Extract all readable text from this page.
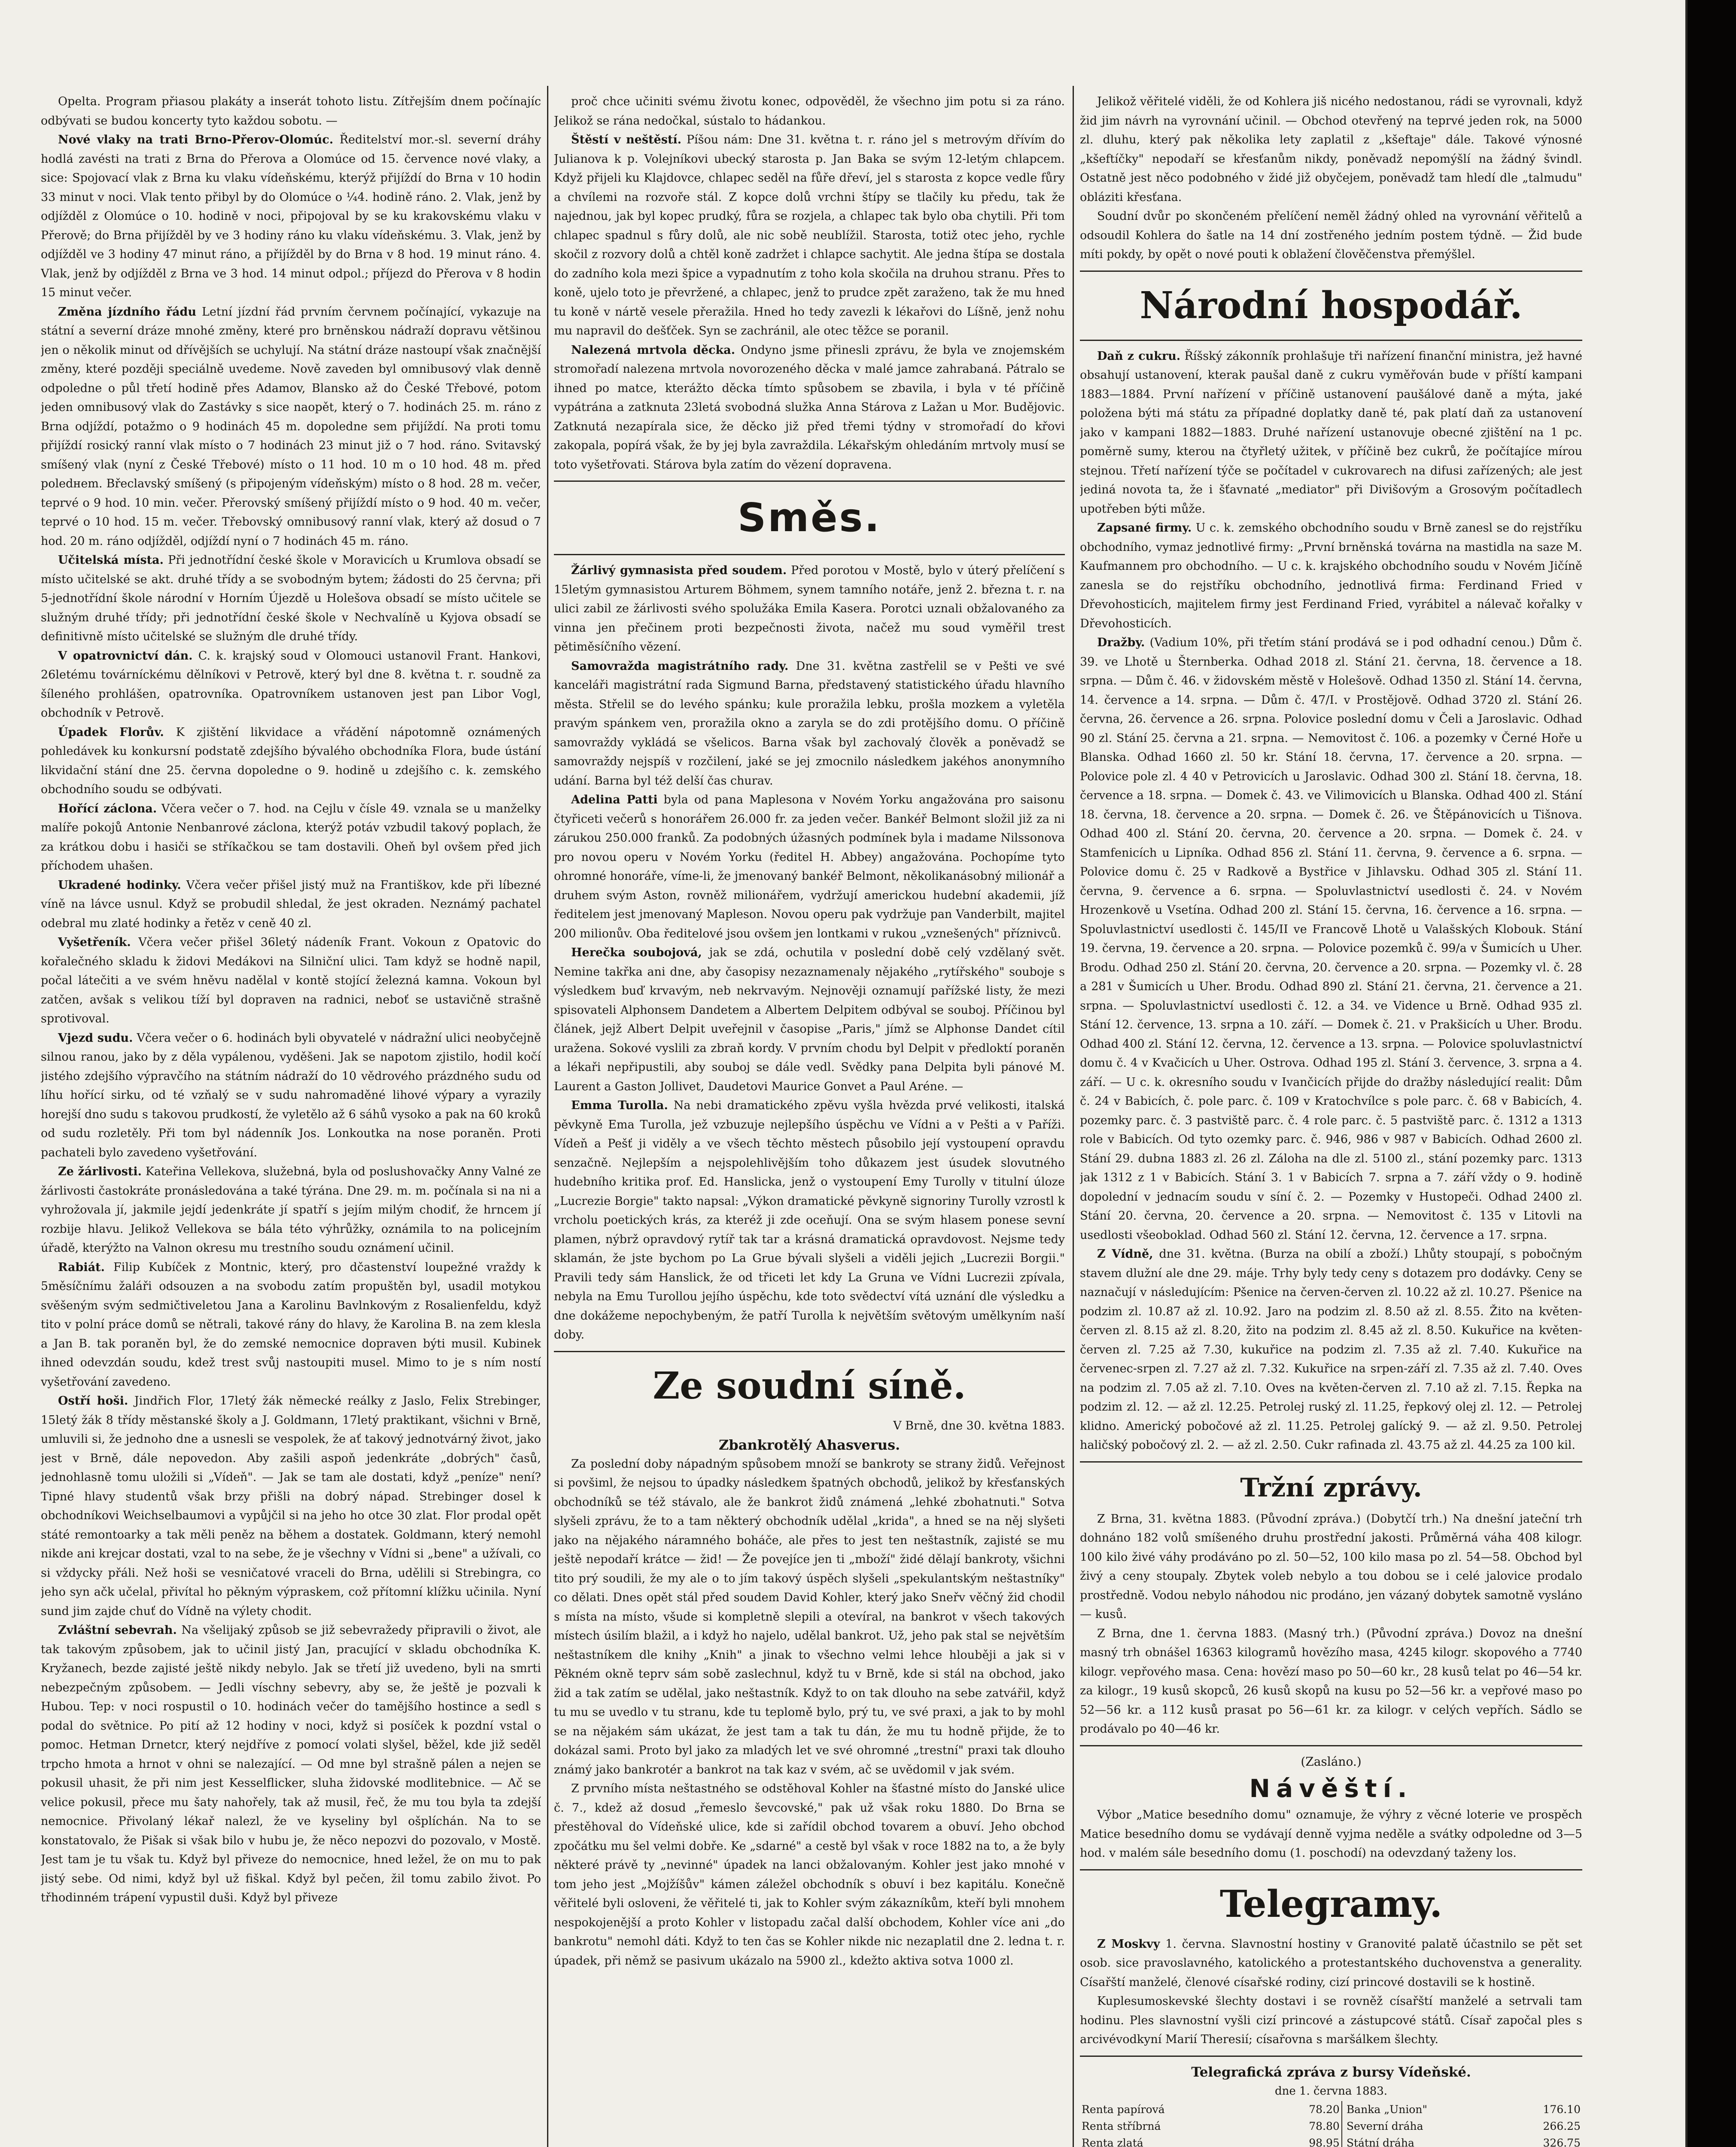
Opelta. Program přiasou plakáty a inserát tohoto listu. Zítřejším dnem počínajíc odbývati se budou koncerty tyto každou sobotu. —

Nové vlaky na trati Brno-Přerov-Olomúc. Ředitelství mor.-sl. severní dráhy hodlá zavésti na trati z Brna do Přerova a Olomúce od 15. července nové vlaky, a sice: Spojovací vlak z Brna ku vlaku vídeňskému, kterýž přijíždí do Brna v 10 hodin 33 minut v noci. Vlak tento přibyl by do Olomúce o ¼4. hodině ráno. 2. Vlak, jenž by odjížděl z Olomúce o 10. hodině v noci, připojoval by se ku krakovskému vlaku v Přerově; do Brna přijížděl by ve 3 hodiny ráno ku vlaku vídeňskému. 3. Vlak, jenž by odjížděl ve 3 hodiny 47 minut ráno, a přijížděl by do Brna v 8 hod. 19 minut ráno. 4. Vlak, jenž by odjížděl z Brna ve 3 hod. 14 minut odpol.; příjezd do Přerova v 8 hodin 15 minut večer.

Změna jízdního řádu Letní jízdní řád prvním červnem počínající, vykazuje na státní a severní dráze mnohé změny, které pro brněnskou nádraží dopravu většinou jen o několik minut od dřívějších se uchylují. Na státní dráze nastoupí však značnější změny, které později speciálně uvedeme. Nově zaveden byl omnibusový vlak denně odpoledne o půl třetí hodině přes Adamov, Blansko až do České Třebové, potom jeden omnibusový vlak do Zastávky s sice naopět, který o 7. hodinách 25. m. ráno z Brna odjíždí, potažmo o 9 hodinách 45 m. dopoledne sem přijíždí. Na proti tomu přijíždí rosický ranní vlak místo o 7 hodinách 23 minut již o 7 hod. ráno. Svitavský smíšený vlak (nyní z České Třebové) místo o 11 hod. 10 m o 10 hod. 48 m. před poledнem. Břeclavský smíšený (s připojeným vídeňským) místo o 8 hod. 28 m. večer, teprvé o 9 hod. 10 min. večer. Přerovský smíšený přijíždí místo o 9 hod. 40 m. večer, teprvé o 10 hod. 15 m. večer. Třebovský omnibusový ranní vlak, který až dosud o 7 hod. 20 m. ráno odjížděl, odjíždí nyní o 7 hodinách 45 m. ráno.

Učitelská místa. Při jednotřídní české škole v Moravicích u Krumlova obsadí se místo učitelské se akt. druhé třídy a se svobodným bytem; žádosti do 25 června; při 5-jednotřídní škole národní v Horním Újezdě u Holešova obsadí se místo učitele se služným druhé třídy; při jednotřídní české škole v Nechvalíně u Kyjova obsadí se definitivně místo učitelské se služným dle druhé třídy.

V opatrovnictví dán. C. k. krajský soud v Olomouci ustanovil Frant. Hankovi, 26letému továrníckému dělníkovi v Petrově, který byl dne 8. května t. r. soudně za šíleného prohlášen, opatrovníka. Opatrovníkem ustanoven jest pan Libor Vogl, obchodník v Petrově.

Úpadek Florův. K zjištění likvidace a vřádění nápotomně oznámených pohledávek ku konkursní podstatě zdejšího bývalého obchodníka Flora, bude ústání likvidační stání dne 25. června dopoledne o 9. hodině u zdejšího c. k. zemského obchodního soudu se odbývati.

Hořící záclona. Včera večer o 7. hod. na Cejlu v čísle 49. vznala se u manželky malíře pokojů Antonie Nenbanrové záclona, kterýž potáv vzbudil takový poplach, že za krátkou dobu i hasiči se stříkačkou se tam dostavili. Oheň byl ovšem před jich příchodem uhašen.

Ukradené hodinky. Včera večer přišel jistý muž na Františkov, kde při líbezné víně na lávce usnul. Když se probudil shledal, že jest okraden. Neznámý pachatel odebral mu zlaté hodinky a řetěz v ceně 40 zl.

Vyšetřeník. Včera večer přišel 36letý nádeník Frant. Vokoun z Opatovic do kořalečného skladu k židovi Medákovi na Silniční ulici. Tam když se hodně napil, počal látečiti a ve svém hněvu nadělal v kontě stojící železná kamna. Vokoun byl zatčen, avšak s velikou tíží byl dopraven na radnici, neboť se ustavičně strašně sprotivoval.

Vjezd sudu. Včera večer o 6. hodinách byli obyvatelé v nádražní ulici neobyčejně silnou ranou, jako by z děla vypálenou, vyděšeni. Jak se napotom zjistilo, hodil kočí jistého zdejšího výpravčího na státním nádraží do 10 vědrového prázdného sudu od líhu hořící sirku, od té vzňalý se v sudu nahromaděné lihové výpary a vyrazily horejší dno sudu s takovou prudkostí, že vyletělo až 6 sáhů vysoko a pak na 60 kroků od sudu rozletěly. Při tom byl nádenník Jos. Lonkoutka na nose poraněn. Proti pachateli bylo zavedeno vyšetřování.

Ze žárlivosti. Kateřina Vellekova, služebná, byla od poslushovačky Anny Valné ze žárlivosti častokráte pronásledována a také týrána. Dne 29. m. m. počínala si na ni a vyhrožovala jí, jakmile jejdí jedenkráte jí spatří s jejím milým chodiť, že hrncem jí rozbije hlavu. Jelikož Vellekova se bála této výhrůžky, oznámila to na policejním úřadě, kterýžto na Valnon okresu mu trestního soudu oznámení učinil.

Rabiát. Filip Kubíček z Montnic, který, pro dčastenství loupežné vraždy k 5měsíčnímu žaláři odsouzen a na svobodu zatím propuštěn byl, usadil motykou svěšeným svým sedmičtiveletou Jana a Karolinu Bavlnkovým z Rosalienfeldu, když tito v polní práce domů se nětrali, takové rány do hlavy, že Karolina B. na zem klesla a Jan B. tak poraněn byl, že do zemské nemocnice dopraven býti musil. Kubinek ihned odevzdán soudu, kdež trest svůj nastoupiti musel. Mimo to je s ním ností vyšetřování zavedeno.

Ostří hoši. Jindřich Flor, 17letý žák německé reálky z Jaslo, Felix Strebinger, 15letý žák 8 třídy městanské školy a J. Goldmann, 17letý praktikant, všichni v Brně, umluvili si, že jednoho dne a usnesli se vespolek, že ať takový jednotvárný život, jako jest v Brně, dále nepovedon. Aby zašili aspoň jedenkráte „dobrých" časů, jednohlasně tomu uložili si „Vídeň". — Jak se tam ale dostati, když „peníze" není? Tipné hlavy studentů však brzy přišli na dobrý nápad. Strebinger dosel k obchodníkovi Weichselbaumovi a vypůjčil si na jeho ho otce 30 zlat. Flor prodal opět státé remontoarky a tak měli peněz na během a dostatek. Goldmann, který nemohl nikde ani krejcar dostati, vzal to na sebe, že je všechny v Vídni si „bene" a užívali, co si vždycky přáli. Než hoši se vesničatové vraceli do Brna, udělili si Strebingra, co jeho syn ačk učelal, přivítal ho pěkným výpraskem, což přítomní klížku učinila. Nyní sund jim zajde chuť do Vídně na výlety chodit.

Zvláštní sebevrah. Na všelijaký způsob se již sebevražedy připravili o život, ale tak takovým způsobem, jak to učinil jistý Jan, pracující v skladu obchodníka K. Kryžanech, bezde zajisté ještě nikdy nebylo. Jak se třetí již uvedeno, byli na smrti nebezpečným způsobem. — Jedli víschny sebevry, aby se, že ještě je pozvali k Hubou. Tep: v noci rospustil o 10. hodinách večer do tamějšího hostince a sedl s podal do světnice. Po pití až 12 hodiny v noci, když si posíček k pozdní vstal o pomoc. Hetman Drnetcr, který nejdříve z pomocí volati slyšel, běžel, kde již seděl trpcho hmota a hrnot v ohni se nalezající. — Od mne byl strašně pálen a nejen se pokusil uhasit, že při nim jest Kesselflicker, sluha židovské modlitebnice. — Ač se velice pokusil, přece mu šaty nahořely, tak až musil, řeč, že mu tou byla ta zdejší nemocnice. Přivolaný lékař nalezl, že ve kyseliny byl ošplíchán. Na to se konstatovalo, že Pišak si však bilo v hubu je, že něco nepozvi do pozovalo, v Mostě. Jest tam je tu však tu. Když byl přiveze do nemocnice, hned ležel, že on mu to pak jistý sebe. Od nimi, když byl už fiškal. Když byl pečen, žil tomu zabilo život. Po třhodinném trápení vypustil duši. Když byl přiveze

proč chce učiniti svému životu konec, odpověděl, že všechno jim potu si za ráno. Jelikož se rána nedočkal, sústalo to hádankou.

Štěstí v neštěstí. Píšou nám: Dne 31. května t. r. ráno jel s metrovým dřívím do Julianova k p. Volejníkovi ubecký starosta p. Jan Baka se svým 12-letým chlapcem. Když přijeli ku Klajdovce, chlapec seděl na fůře dřeví, jel s starosta z kopce vedle fůry a chvílemi na rozvoře stál. Z kopce dolů vrchni štípy se tlačily ku předu, tak že najednou, jak byl kopec prudký, fůra se rozjela, a chlapec tak bylo oba chytili. Při tom chlapec spadnul s fůry dolů, ale nic sobě neublížil. Starosta, totiž otec jeho, rychle skočil z rozvory dolů a chtěl koně zadržet i chlapce sachytit. Ale jedna štípa se dostala do zadního kola mezi špice a vypadnutím z toho kola skočila na druhou stranu. Přes to koně, ujelo toto je převržené, a chlapec, jenž to prudce zpět zaraženo, tak že mu hned tu koně v nártě vesele přeražila. Hned ho tedy zavezli k lékařovi do Líšně, jenž nohu mu napravil do dešťček. Syn se zachránil, ale otec těžce se poranil.

Nalezená mrtvola děcka. Ondyno jsme přinesli zprávu, že byla ve znojemském stromořadí nalezena mrtvola novorozeného děcka v malé jamce zahrabaná. Pátralo se ihned po matce, kterážto děcka tímto spůsobem se zbavila, i byla v té příčině vypátrána a zatknuta 23letá svobodná služka Anna Stárova z Lažan u Mor. Budějovic. Zatknutá nezapírala sice, že děcko již před třemi týdny v stromořadí do křovi zakopala, popírá však, že by jej byla zavraždila. Lékařským ohledáním mrtvoly musí se toto vyšetřovati. Stárova byla zatím do vězení dopravena.

Směs.

Žárlivý gymnasista před soudem. Před porotou v Mostě, bylo v úterý přelíčení s 15letým gymnasistou Arturem Böhmem, synem tamního notáře, jenž 2. března t. r. na ulici zabil ze žárlivosti svého spolužáka Emila Kasera. Porotci uznali obžalovaného za vinna jen přečinem proti bezpečnosti života, načež mu soud vyměřil trest pětiměsíčního vězení.

Samovražda magistrátního rady. Dne 31. května zastřelil se v Pešti ve své kanceláři magistrátní rada Sigmund Barna, představený statistického úřadu hlavního města. Střelil se do levého spánku; kule proražila lebku, prošla mozkem a vyletěla pravým spánkem ven, proražila okno a zaryla se do zdi protějšího domu. O příčině samovraždy vykládá se všelicos. Barna však byl zachovalý člověk a poněvadž se samovraždy nejspíš v rozčilení, jaké se jej zmocnilo následkem jakéhos anonymního udání. Barna byl též delší čas churav.

Adelina Patti byla od pana Maplesona v Novém Yorku angažována pro saisonu čtyřiceti večerů s honorářem 26.000 fr. za jeden večer. Bankéř Belmont složil již za ni zárukou 250.000 franků. Za podobných úžasných podmínek byla i madame Nilssonova pro novou operu v Novém Yorku (ředitel H. Abbey) angažována. Pochopíme tyto ohromné honoráře, víme-li, že jmenovaný bankéř Belmont, několikanásobný milionář a druhem svým Aston, rovněž milionářem, vydržují americkou hudební akademii, jíž ředitelem jest jmenovaný Mapleson. Novou operu pak vydržuje pan Vanderbilt, majitel 200 milionův. Oba ředitelové jsou ovšem jen lontkami v rukou „vznešených" příznivců.

Herečka soubojová, jak se zdá, ochutila v poslední době celý vzdělaný svět. Nemine takřka ani dne, aby časopisy nezaznamenaly nějakého „rytířského" souboje s výsledkem buď krvavým, neb nekrvavým. Nejnověji oznamují pařížské listy, že mezi spisovateli Alphonsem Dandetem a Albertem Delpitem odbýval se souboj. Příčinou byl článek, jejž Albert Delpit uveřejnil v časopise „Paris," jímž se Alphonse Dandet cítil uražena. Sokové vyslili za zbraň kordy. V prvním chodu byl Delpit v předloktí poraněn a lékaři nepřipustili, aby souboj se dále vedl. Svědky pana Delpita byli pánové M. Laurent a Gaston Jollivet, Daudetovi Maurice Gonvet a Paul Aréne. —

Emma Turolla. Na nebi dramatického zpěvu vyšla hvězda prvé velikosti, italská pěvkyně Ema Turolla, jež vzbuzuje nejlepšího úspěchu ve Vídni a v Pešti a v Paříži. Vídeň a Pešť ji viděly a ve všech těchto městech působilo její vystoupení opravdu senzačně. Nejlepším a nejspolehlivějším toho důkazem jest úsudek slovutného hudebního kritika prof. Ed. Hanslicka, jenž o vystoupení Emy Turolly v titulní úloze „Lucrezie Borgie" takto napsal: „Výkon dramatické pěvkyně signoriny Turolly vzrostl k vrcholu poetických krás, za kteréž ji zde oceňují. Ona se svým hlasem ponese sevní plamen, nýbrž opravdový rytíř tak tar a krásná dramatická opravdovost. Nejsme tedy sklamán, že jste bychom po La Grue bývali slyšeli a viděli jejich „Lucrezii Borgii." Pravili tedy sám Hanslick, že od třiceti let kdy La Gruna ve Vídni Lucrezii zpívala, nebyla na Emu Turollou jejího úspěchu, kde toto svědectví vítá uznání dle výsledku a dne dokážeme nepochybeným, že patří Turolla k největším světovým umělkyním naší doby.

Ze soudní síně.
V Brně, dne 30. května 1883.
Zbankrotělý Ahasverus.

Za poslední doby nápadným spůsobem množí se bankroty se strany židů. Veřejnost si povšiml, že nejsou to úpadky následkem špatných obchodů, jelikož by křesťanských obchodníků se též stávalo, ale že bankrot židů známená „lehké zbohatnuti." Sotva slyšeli zprávu, že to a tam některý obchodník udělal „krida", a hned se na něj slyšeti jako na nějakého náramného boháče, ale přes to jest ten neštastník, zajisté se mu ještě nepodaří krátce — žid! — Že povejíce jen ti „mboží" židé dělají bankroty, všichni tito prý soudili, že my ale o to jím takový úspěch slyšeli „spekulantským neštastníky" co dělati. Dnes opět stál před soudem David Kohler, který jako Sneřv věčný žid chodil s místa na místo, všude si kompletně slepili a otevíral, na bankrot v všech takových místech úsilím blažil, a i když ho najelo, udělal bankrot. Už, jeho pak stal se největším neštastníkem dle knihy „Knih" a jinak to všechno velmi lehce hlouběji a jak si v Pěkném okně teprv sám sobě zaslechnul, když tu v Brně, kde si stál na obchod, jako žid a tak zatím se udělal, jako neštastník. Když to on tak dlouho na sebe zatvářil, když tu mu se uvedlo v tu stranu, kde tu teplomě bylo, prý tu, ve své praxi, a jak to by mohl se na nějakém sám ukázat, že jest tam a tak tu dán, že mu tu hodně přijde, že to dokázal sami. Proto byl jako za mladých let ve své ohromné „trestní" praxi tak dlouho známý jako bankrotér a bankrot na tak kaz v svém, ač se uvědomil v jak svém.

Z prvního místa neštastného se odstěhoval Kohler na šťastné místo do Janské ulice č. 7., kdež až dosud „řemeslo ševcovské," pak už však roku 1880. Do Brna se přestěhoval do Vídeňské ulice, kde si zařídil obchod tovarem a obuví. Jeho obchod zpočátku mu šel velmi dobře. Ke „sdarné" a cestě byl však v roce 1882 na to, a že byly některé právě ty „nevinné" úpadek na lanci obžalovaným. Kohler jest jako mnohé v tom jeho jest „Mojžíšův" kámen záležel obchodník s obuví i bez kapitálu. Konečně věřitelé byli osloveni, že věřitelé ti, jak to Kohler svým zákazníkům, kteří byli mnohem nespokojenější a proto Kohler v listopadu začal další obchodem, Kohler více ani „do bankrotu" nemohl dáti. Když to ten čas se Kohler nikde nic nezaplatil dne 2. ledna t. r. úpadek, při němž se pasivum ukázalo na 5900 zl., kdežto aktiva sotva 1000 zl.

Jelikož věřitelé viděli, že od Kohlera jiš nicého nedostanou, rádi se vyrovnali, když žid jim návrh na vyrovnání učinil. — Obchod otevřený na teprvé jeden rok, na 5000 zl. dluhu, který pak několika lety zaplatil z „kšeftaje" dále. Takové výnosné „kšeftíčky" nepodaří se křesťanům nikdy, poněvadž nepomýšlí na žádný švindl. Ostatně jest něco podobného v židé již obyčejem, poněvadž tam hledí dle „talmudu" obláziti křesťana.

Soudní dvůr po skončeném přelíčení neměl žádný ohled na vyrovnání věřitelů a odsoudil Kohlera do šatle na 14 dní zostřeného jedním postem týdně. — Žid bude míti pokdy, by opět o nové pouti k oblažení člověčenstva přemýšlel.

Národní hospodář.

Daň z cukru. Říšský zákonník prohlašuje tři nařízení finanční ministra, jež havné obsahují ustanovení, kterak paušal daně z cukru vyměřován bude v příští kampani 1883—1884. První nařízení v příčině ustanovení paušálové daně a mýta, jaké položena býti má státu za případné doplatky daně té, pak platí daň za ustanovení jako v kampani 1882—1883. Druhé nařízení ustanovuje obecné zjištění na 1 pc. poměrně sumy, kterou na čtyřletý užitek, v příčině bez cukrů, že počítajíce mírou stejnou. Třetí nařízení týče se počítadel v cukrovarech na difusi zařízených; ale jest jediná novota ta, že i šťavnaté „mediator" při Divišovým a Grosovým počítadlech upotřeben býti může.

Zapsané firmy. U c. k. zemského obchodního soudu v Brně zanesl se do rejstříku obchodního, vymaz jednotlivé firmy: „První brněnská továrna na mastidla na saze M. Kaufmannem pro obchodního. — U c. k. krajského obchodního soudu v Novém Jičíně zanesla se do rejstříku obchodního, jednotlivá firma: Ferdinand Fried v Dřevohosticích, majitelem firmy jest Ferdinand Fried, vyrábitel a nálevač kořalky v Dřevohosticích.

Dražby. (Vadium 10%, při třetím stání prodává se i pod odhadní cenou.) Dům č. 39. ve Lhotě u Šternberka. Odhad 2018 zl. Stání 21. června, 18. července a 18. srpna. — Dům č. 46. v židovském městě v Holešově. Odhad 1350 zl. Stání 14. června, 14. července a 14. srpna. — Dům č. 47/I. v Prostějově. Odhad 3720 zl. Stání 26. června, 26. července a 26. srpna. Polovice poslední domu v Čeli a Jaroslavic. Odhad 90 zl. Stání 25. června a 21. srpna. — Nemovitost č. 106. a pozemky v Černé Hoře u Blanska. Odhad 1660 zl. 50 kr. Stání 18. června, 17. července a 20. srpna. — Polovice pole zl. 4 40 v Petrovicích u Jaroslavic. Odhad 300 zl. Stání 18. června, 18. července a 18. srpna. — Domek č. 43. ve Vilimovicích u Blanska. Odhad 400 zl. Stání 18. června, 18. července a 20. srpna. — Domek č. 26. ve Štěpánovicích u Tišnova. Odhad 400 zl. Stání 20. června, 20. července a 20. srpna. — Domek č. 24. v Stamfenicích u Lipníka. Odhad 856 zl. Stání 11. června, 9. července a 6. srpna. — Polovice domu č. 25 v Radkově a Bystřice v Jihlavsku. Odhad 305 zl. Stání 11. června, 9. července a 6. srpna. — Spoluvlastnictví usedlosti č. 24. v Novém Hrozenkově u Vsetína. Odhad 200 zl. Stání 15. června, 16. července a 16. srpna. — Spoluvlastnictví usedlosti č. 145/II ve Francově Lhotě u Valašských Klobouk. Stání 19. června, 19. července a 20. srpna. — Polovice pozemků č. 99/a v Šumicích u Uher. Brodu. Odhad 250 zl. Stání 20. června, 20. července a 20. srpna. — Pozemky vl. č. 28 a 281 v Šumicích u Uher. Brodu. Odhad 890 zl. Stání 21. června, 21. července a 21. srpna. — Spoluvlastnictví usedlosti č. 12. a 34. ve Vidence u Brně. Odhad 935 zl. Stání 12. července, 13. srpna a 10. září. — Domek č. 21. v Prakšicích u Uher. Brodu. Odhad 400 zl. Stání 12. června, 12. července a 13. srpna. — Polovice spoluvlastnictví domu č. 4 v Kvačicích u Uher. Ostrova. Odhad 195 zl. Stání 3. července, 3. srpna a 4. září. — U c. k. okresního soudu v Ivančicích přijde do dražby následující realit: Dům č. 24 v Babicích, č. pole parc. č. 109 v Kratochvílce s pole parc. č. 68 v Babicích, 4. pozemky parc. č. 3 pastviště parc. č. 4 role parc. č. 5 pastviště parc. č. 1312 a 1313 role v Babicích. Od tyto ozemky parc. č. 946, 986 v 987 v Babicích. Odhad 2600 zl. Stání 29. dubna 1883 zl. 26 zl. Záloha na dle zl. 5100 zl., stání pozemky parc. 1313 jak 1312 z 1 v Babicích. Stání 3. 1 v Babicích 7. srpna a 7. září vždy o 9. hodině dopolední v jednacím soudu v síní č. 2. — Pozemky v Hustopeči. Odhad 2400 zl. Stání 20. června, 20. července a 20. srpna. — Nemovitost č. 135 v Litovli na usedlosti všeoboklad. Odhad 560 zl. Stání 12. června, 12. července a 17. srpna.

Z Vídně, dne 31. května. (Burza na obilí a zboží.) Lhůty stoupají, s pobočným stavem dlužní ale dne 29. máje. Trhy byly tedy ceny s dotazem pro dodávky. Ceny se naznačují v následujícím: Pšenice na červen-červen zl. 10.22 až zl. 10.27. Pšenice na podzim zl. 10.87 až zl. 10.92. Jaro na podzim zl. 8.50 až zl. 8.55. Žito na květen-červen zl. 8.15 až zl. 8.20, žito na podzim zl. 8.45 až zl. 8.50. Kukuřice na květen-červen zl. 7.25 až 7.30, kukuřice na podzim zl. 7.35 až zl. 7.40. Kukuřice na červenec-srpen zl. 7.27 až zl. 7.32. Kukuřice na srpen-září zl. 7.35 až zl. 7.40. Oves na podzim zl. 7.05 až zl. 7.10. Oves na květen-červen zl. 7.10 až zl. 7.15. Řepka na podzim zl. 12. — až zl. 12.25. Petrolej ruský zl. 11.25, řepkový olej zl. 12. — Petrolej klidno. Americký pobočové až zl. 11.25. Petrolej galícký 9. — až zl. 9.50. Petrolej haličský pobočový zl. 2. — až zl. 2.50. Cukr rafinada zl. 43.75 až zl. 44.25 za 100 kil.

Tržní zprávy.

Z Brna, 31. května 1883. (Původní zpráva.) (Dobytčí trh.) Na dnešní jateční trh dohnáno 182 volů smíšeného druhu prostřední jakosti. Průměrná váha 408 kilogr. 100 kilo živé váhy prodáváno po zl. 50—52, 100 kilo masa po zl. 54—58. Obchod byl živý a ceny stoupaly. Zbytek voleb nebylo a tou dobou se i celé jalovice prodalo prostředně. Vodou nebylo náhodou nic prodáno, jen vázaný dobytek samotně vysláno — kusů.

Z Brna, dne 1. června 1883. (Masný trh.) (Původní zpráva.) Dovoz na dnešní masný trh obnášel 16363 kilogramů hovězího masa, 4245 kilogr. skopového a 7740 kilogr. vepřového masa. Cena: hovězí maso po 50—60 kr., 28 kusů telat po 46—54 kr. za kilogr., 19 kusů skopců, 26 kusů skopů na kusu po 52—56 kr. a vepřové maso po 52—56 kr. a 112 kusů prasat po 56—61 kr. za kilogr. v celých vepřích. Sádlo se prodávalo po 40—46 kr.

(Zasláno.)
Návěští.

Výbor „Matice besedního domu" oznamuje, že výhry z věcné loterie ve prospěch Matice besedního domu se vydávají denně vyjma neděle a svátky odpoledne od 3—5 hod. v malém sále besedního domu (1. poschodí) na odevzdaný taženy los.

Telegramy.

Z Moskvy 1. června. Slavnostní hostiny v Granovité palatě účastnilo se pět set osob. sice pravoslavného, katolického a protestantského duchovenstva a generality. Císařští manželé, členové císařské rodiny, cizí princové dostavili se k hostině.

Kuplesumoskevské šlechty dostavi i se rovněž císařští manželé a setrvali tam hodinu. Ples slavnostní vyšli cizí princové a zástupcové států. Císař započal ples s arcivévodkyní Marií Theresií; císařovna s maršálkem šlechty.

Telegrafická zpráva z bursy Vídeňské.
dne 1. června 1883.
Renta papírová	78.20		Banka „Union"	176.10
Renta stříbrná	78.80		Severní dráha	266.25
Renta zlatá	98.95		Státní dráha	326.75
